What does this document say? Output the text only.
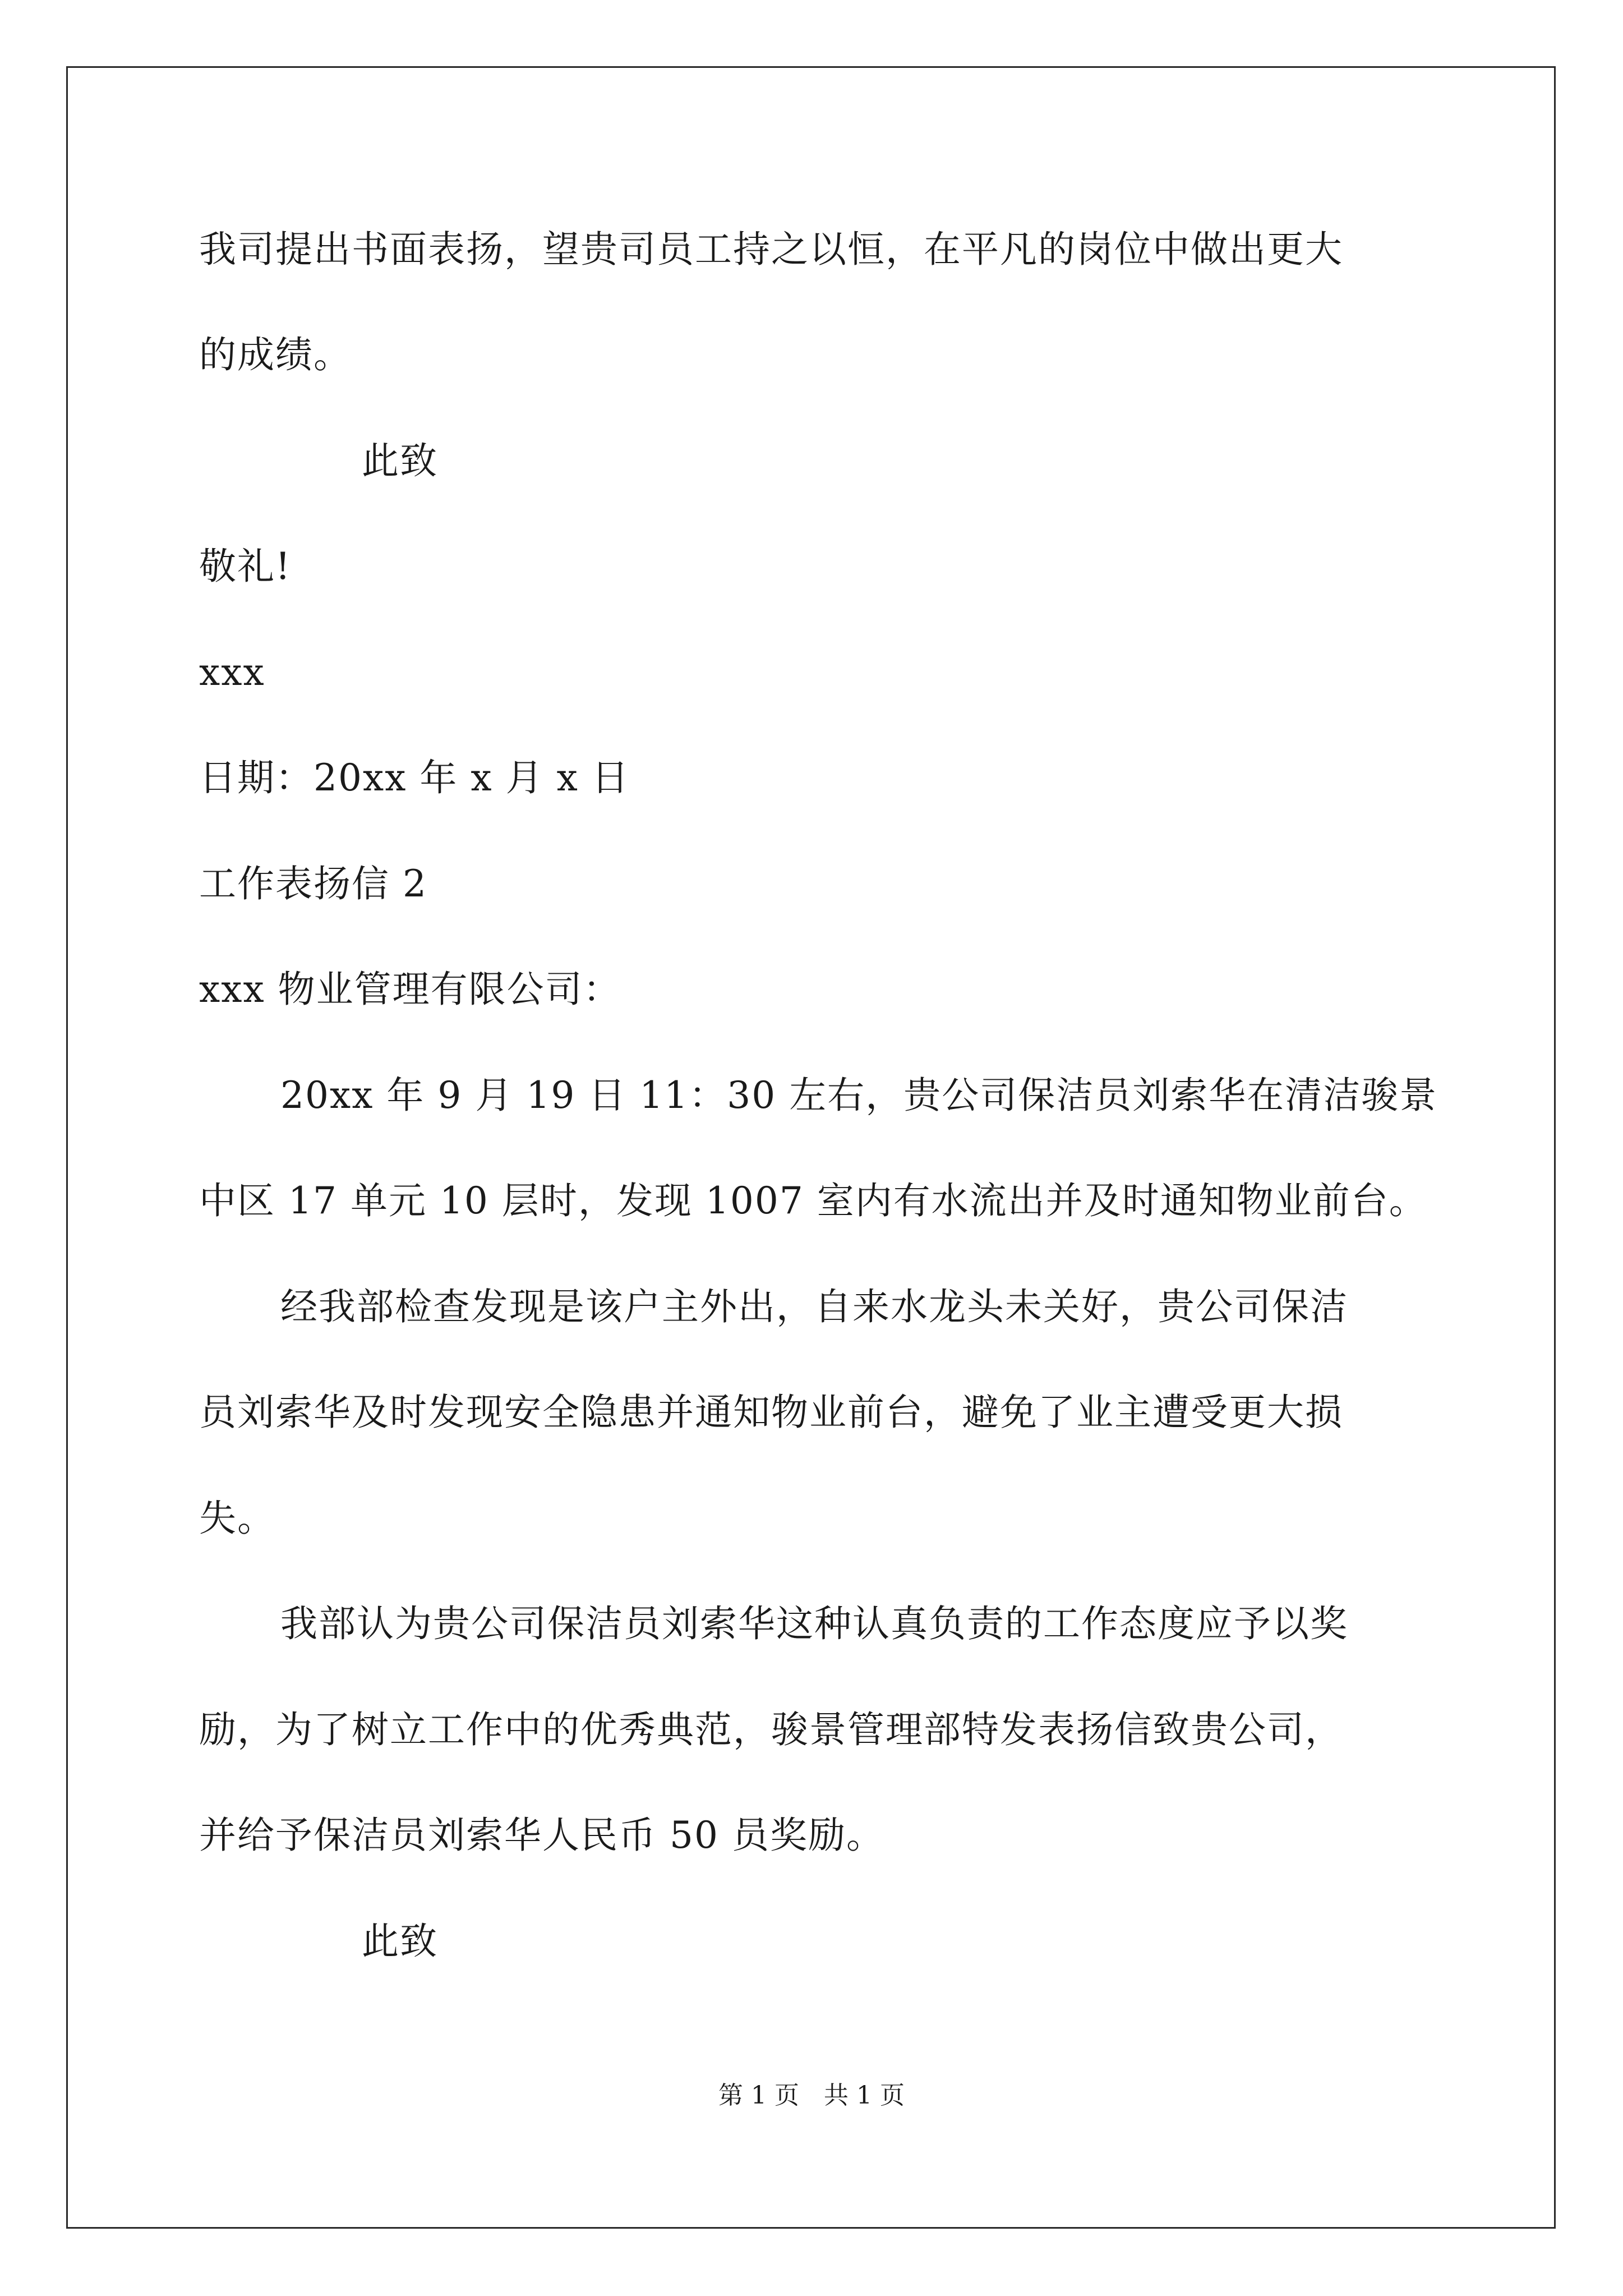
我司提出书面表扬，望贵司员工持之以恒，在平凡的岗位中做出更大
的成绩。
此致
敬礼!
xxx
日期：20xx 年 x 月 x 日
工作表扬信 2
xxx 物业管理有限公司：
20xx 年 9 月 19 日 11：30 左右，贵公司保洁员刘索华在清洁骏景
中区 17 单元 10 层时，发现 1007 室内有水流出并及时通知物业前台。
经我部检查发现是该户主外出，自来水龙头未关好，贵公司保洁
员刘索华及时发现安全隐患并通知物业前台，避免了业主遭受更大损
失。
我部认为贵公司保洁员刘索华这种认真负责的工作态度应予以奖
励，为了树立工作中的优秀典范，骏景管理部特发表扬信致贵公司，
并给予保洁员刘索华人民币 50 员奖励。
此致
第 1 页　共 1 页
